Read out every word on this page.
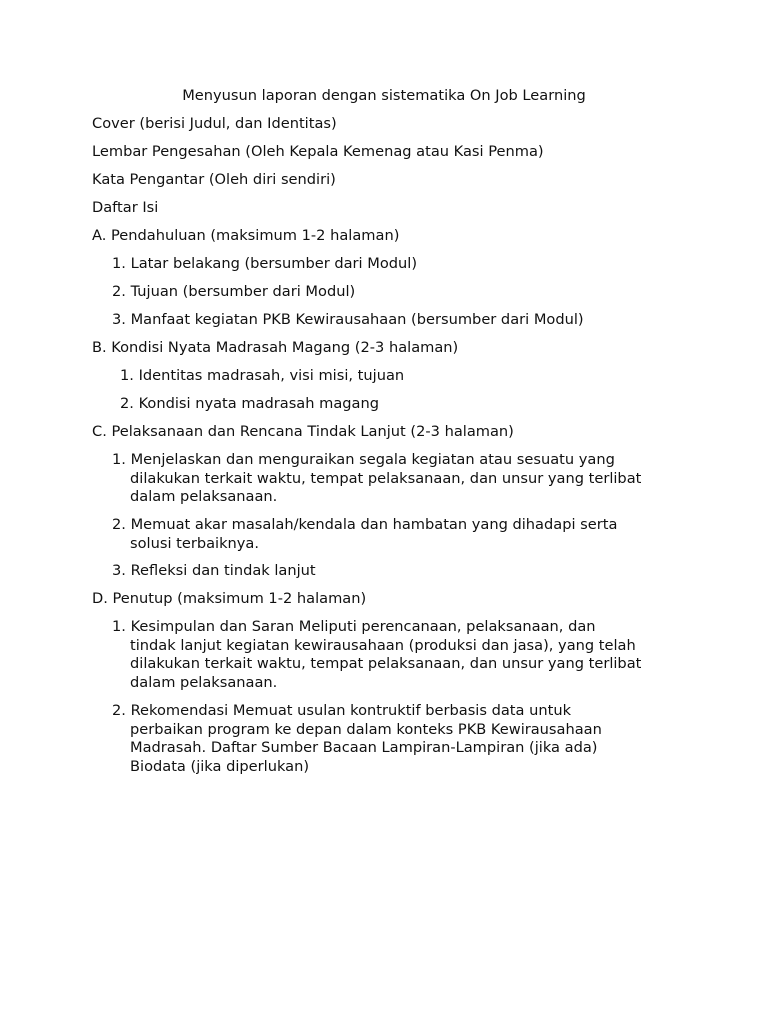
Menyusun laporan dengan sistematika On Job Learning

Cover (berisi Judul, dan Identitas)

Lembar Pengesahan (Oleh Kepala Kemenag atau Kasi Penma)

Kata Pengantar (Oleh diri sendiri)

Daftar Isi

A. Pendahuluan (maksimum 1-2 halaman)

1. Latar belakang (bersumber dari Modul)

2. Tujuan (bersumber dari Modul)

3. Manfaat kegiatan PKB Kewirausahaan (bersumber dari Modul)

B. Kondisi Nyata Madrasah Magang (2-3 halaman)

1. Identitas madrasah, visi misi, tujuan

2. Kondisi nyata madrasah magang

C. Pelaksanaan dan Rencana Tindak Lanjut (2-3 halaman)

1. Menjelaskan dan menguraikan segala kegiatan atau sesuatu yang

dilakukan terkait waktu, tempat pelaksanaan, dan unsur yang terlibat

dalam pelaksanaan.

2. Memuat akar masalah/kendala dan hambatan yang dihadapi serta

solusi terbaiknya.

3. Refleksi dan tindak lanjut

D. Penutup (maksimum 1-2 halaman)

1. Kesimpulan dan Saran Meliputi perencanaan, pelaksanaan, dan

tindak lanjut kegiatan kewirausahaan (produksi dan jasa), yang telah

dilakukan terkait waktu, tempat pelaksanaan, dan unsur yang terlibat

dalam pelaksanaan.

2. Rekomendasi Memuat usulan kontruktif berbasis data untuk

perbaikan program ke depan dalam konteks PKB Kewirausahaan

Madrasah. Daftar Sumber Bacaan Lampiran-Lampiran (jika ada)

Biodata (jika diperlukan)
